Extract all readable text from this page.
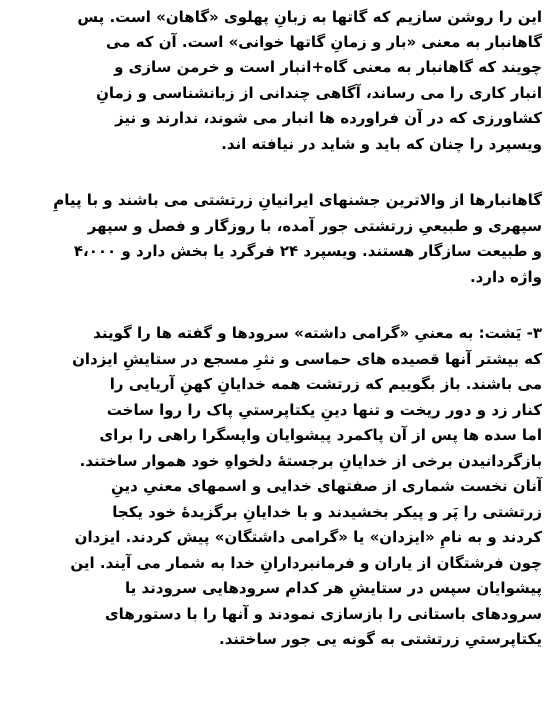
این را روشن سازیم که گاتها به زبانِ پهلوی «گاهان» است. پس
گاهانبار به معنی «بار و زمانِ گاتها خوانی» است. آن که می
چویند که گاهانبار به معنی گاه+انبار است و خرمن سازی و
انبار کاری را می رساند، آگاهی چندانی از زبانشناسی و زمانِ
کشاورزی که در آن فراورده ها انبار می شوند، ندارند و نیز
ویسپرد را چنان که باید و شاید در نیافته اند.
گاهانبارها از والاترین جشنهای ایرانیانِ زرتشتی می باشند و با پیامِ
سپهری و طبیعیِ زرتشتی جور آمده، با روزگار و فصل و سپهر
و طبیعت سازگار هستند. ویسپرد ۲۴ فرگرد یا بخش دارد و ۴،۰۰۰
واژه دارد.
۳- یَشت: به معنیِ «گرامی داشته» سرودها و گفته ها را گویند
که بیشتر آنها قصیده های حماسی و نثرِ مسجع در ستایشِ ایزدان
می باشند. باز بگوییم که زرتشت همه خدایانِ کهنِ آریایی را
کنار زد و دور ریخت و تنها دینِ یکتاپرستیِ پاک را روا ساخت
اما سده ها پس از آن پاکمرد پیشوایان وا‌پسگرا راهی را برای
بازگردانیدن برخی از خدایانِ برجستهٔ دلخواهِ خود هموار ساختند.
آنان نخست شماری از صفتهای خدایی و اسمهای معنیِ دینِ
زرتشتی را پَر و پیکر بخشیدند و با خدایانِ برگزیدهٔ خود یکجا
کردند و به نامِ «ایزدان» یا «گرامی داشتگان» پیش کردند. ایزدان
چون فرشتگان از یاران و فرمانبردارانِ خدا به شمار می آیند. این
پیشوایان سپس در ستایشِ هر کدام سرودهایی سرودند یا
سرودهای باستانی را بازسازی نمودند و آنها را با دستورهای
یکتاپرستیِ زرتشتی به گونه یی جور ساختند.
